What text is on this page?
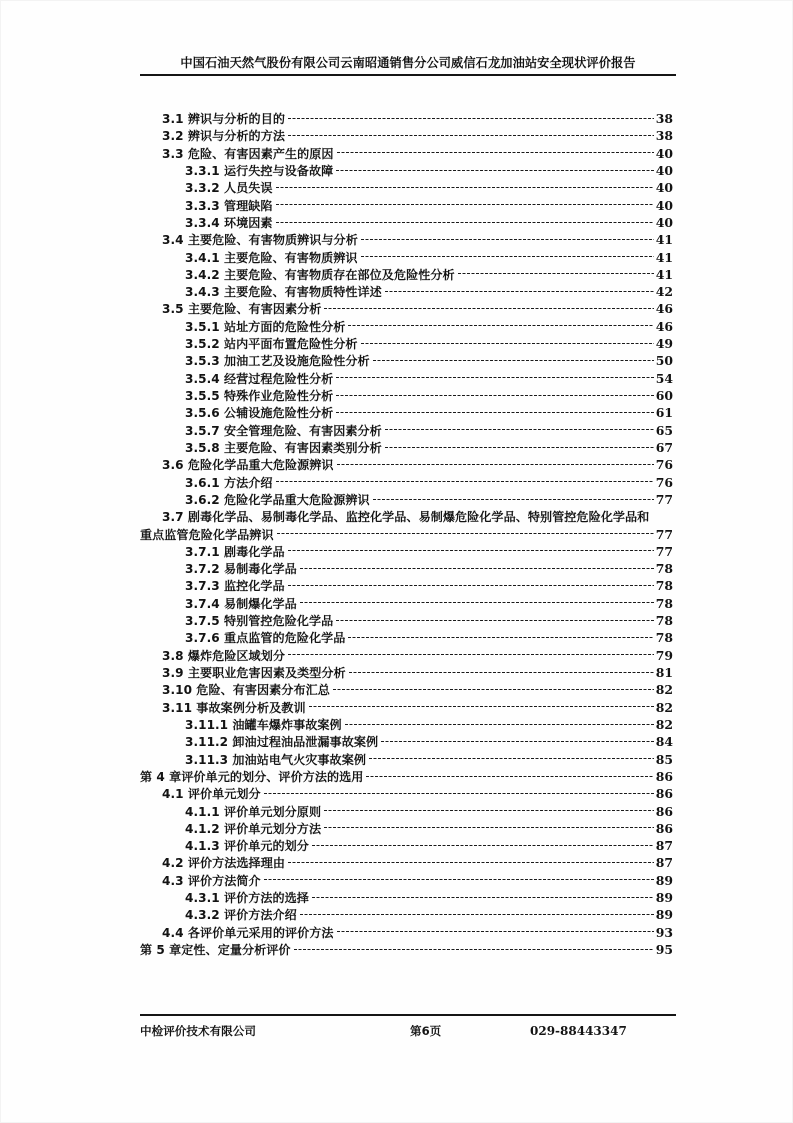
中国石油天然气股份有限公司云南昭通销售分公司威信石龙加油站安全现状评价报告
3.1 辨识与分析的目的	38
3.2 辨识与分析的方法	38
3.3 危险、有害因素产生的原因	40
3.3.1 运行失控与设备故障	40
3.3.2 人员失误	40
3.3.3 管理缺陷	40
3.3.4 环境因素	40
3.4 主要危险、有害物质辨识与分析	41
3.4.1 主要危险、有害物质辨识	41
3.4.2 主要危险、有害物质存在部位及危险性分析	41
3.4.3 主要危险、有害物质特性详述	42
3.5 主要危险、有害因素分析	46
3.5.1 站址方面的危险性分析	46
3.5.2 站内平面布置危险性分析	49
3.5.3 加油工艺及设施危险性分析	50
3.5.4 经营过程危险性分析	54
3.5.5 特殊作业危险性分析	60
3.5.6 公辅设施危险性分析	61
3.5.7 安全管理危险、有害因素分析	65
3.5.8 主要危险、有害因素类别分析	67
3.6 危险化学品重大危险源辨识	76
3.6.1 方法介绍	76
3.6.2 危险化学品重大危险源辨识	77
3.7 剧毒化学品、易制毒化学品、监控化学品、易制爆危险化学品、特别管控危险化学品和
重点监管危险化学品辨识	77
3.7.1 剧毒化学品	77
3.7.2 易制毒化学品	78
3.7.3 监控化学品	78
3.7.4 易制爆化学品	78
3.7.5 特别管控危险化学品	78
3.7.6 重点监管的危险化学品	78
3.8 爆炸危险区域划分	79
3.9 主要职业危害因素及类型分析	81
3.10 危险、有害因素分布汇总	82
3.11 事故案例分析及教训	82
3.11.1 油罐车爆炸事故案例	82
3.11.2 卸油过程油品泄漏事故案例	84
3.11.3 加油站电气火灾事故案例	85
第 4 章评价单元的划分、评价方法的选用	86
4.1 评价单元划分	86
4.1.1 评价单元划分原则	86
4.1.2 评价单元划分方法	86
4.1.3 评价单元的划分	87
4.2 评价方法选择理由	87
4.3 评价方法简介	89
4.3.1 评价方法的选择	89
4.3.2 评价方法介绍	89
4.4 各评价单元采用的评价方法	93
第 5 章定性、定量分析评价	95
中检评价技术有限公司	第6页	029-88443347
